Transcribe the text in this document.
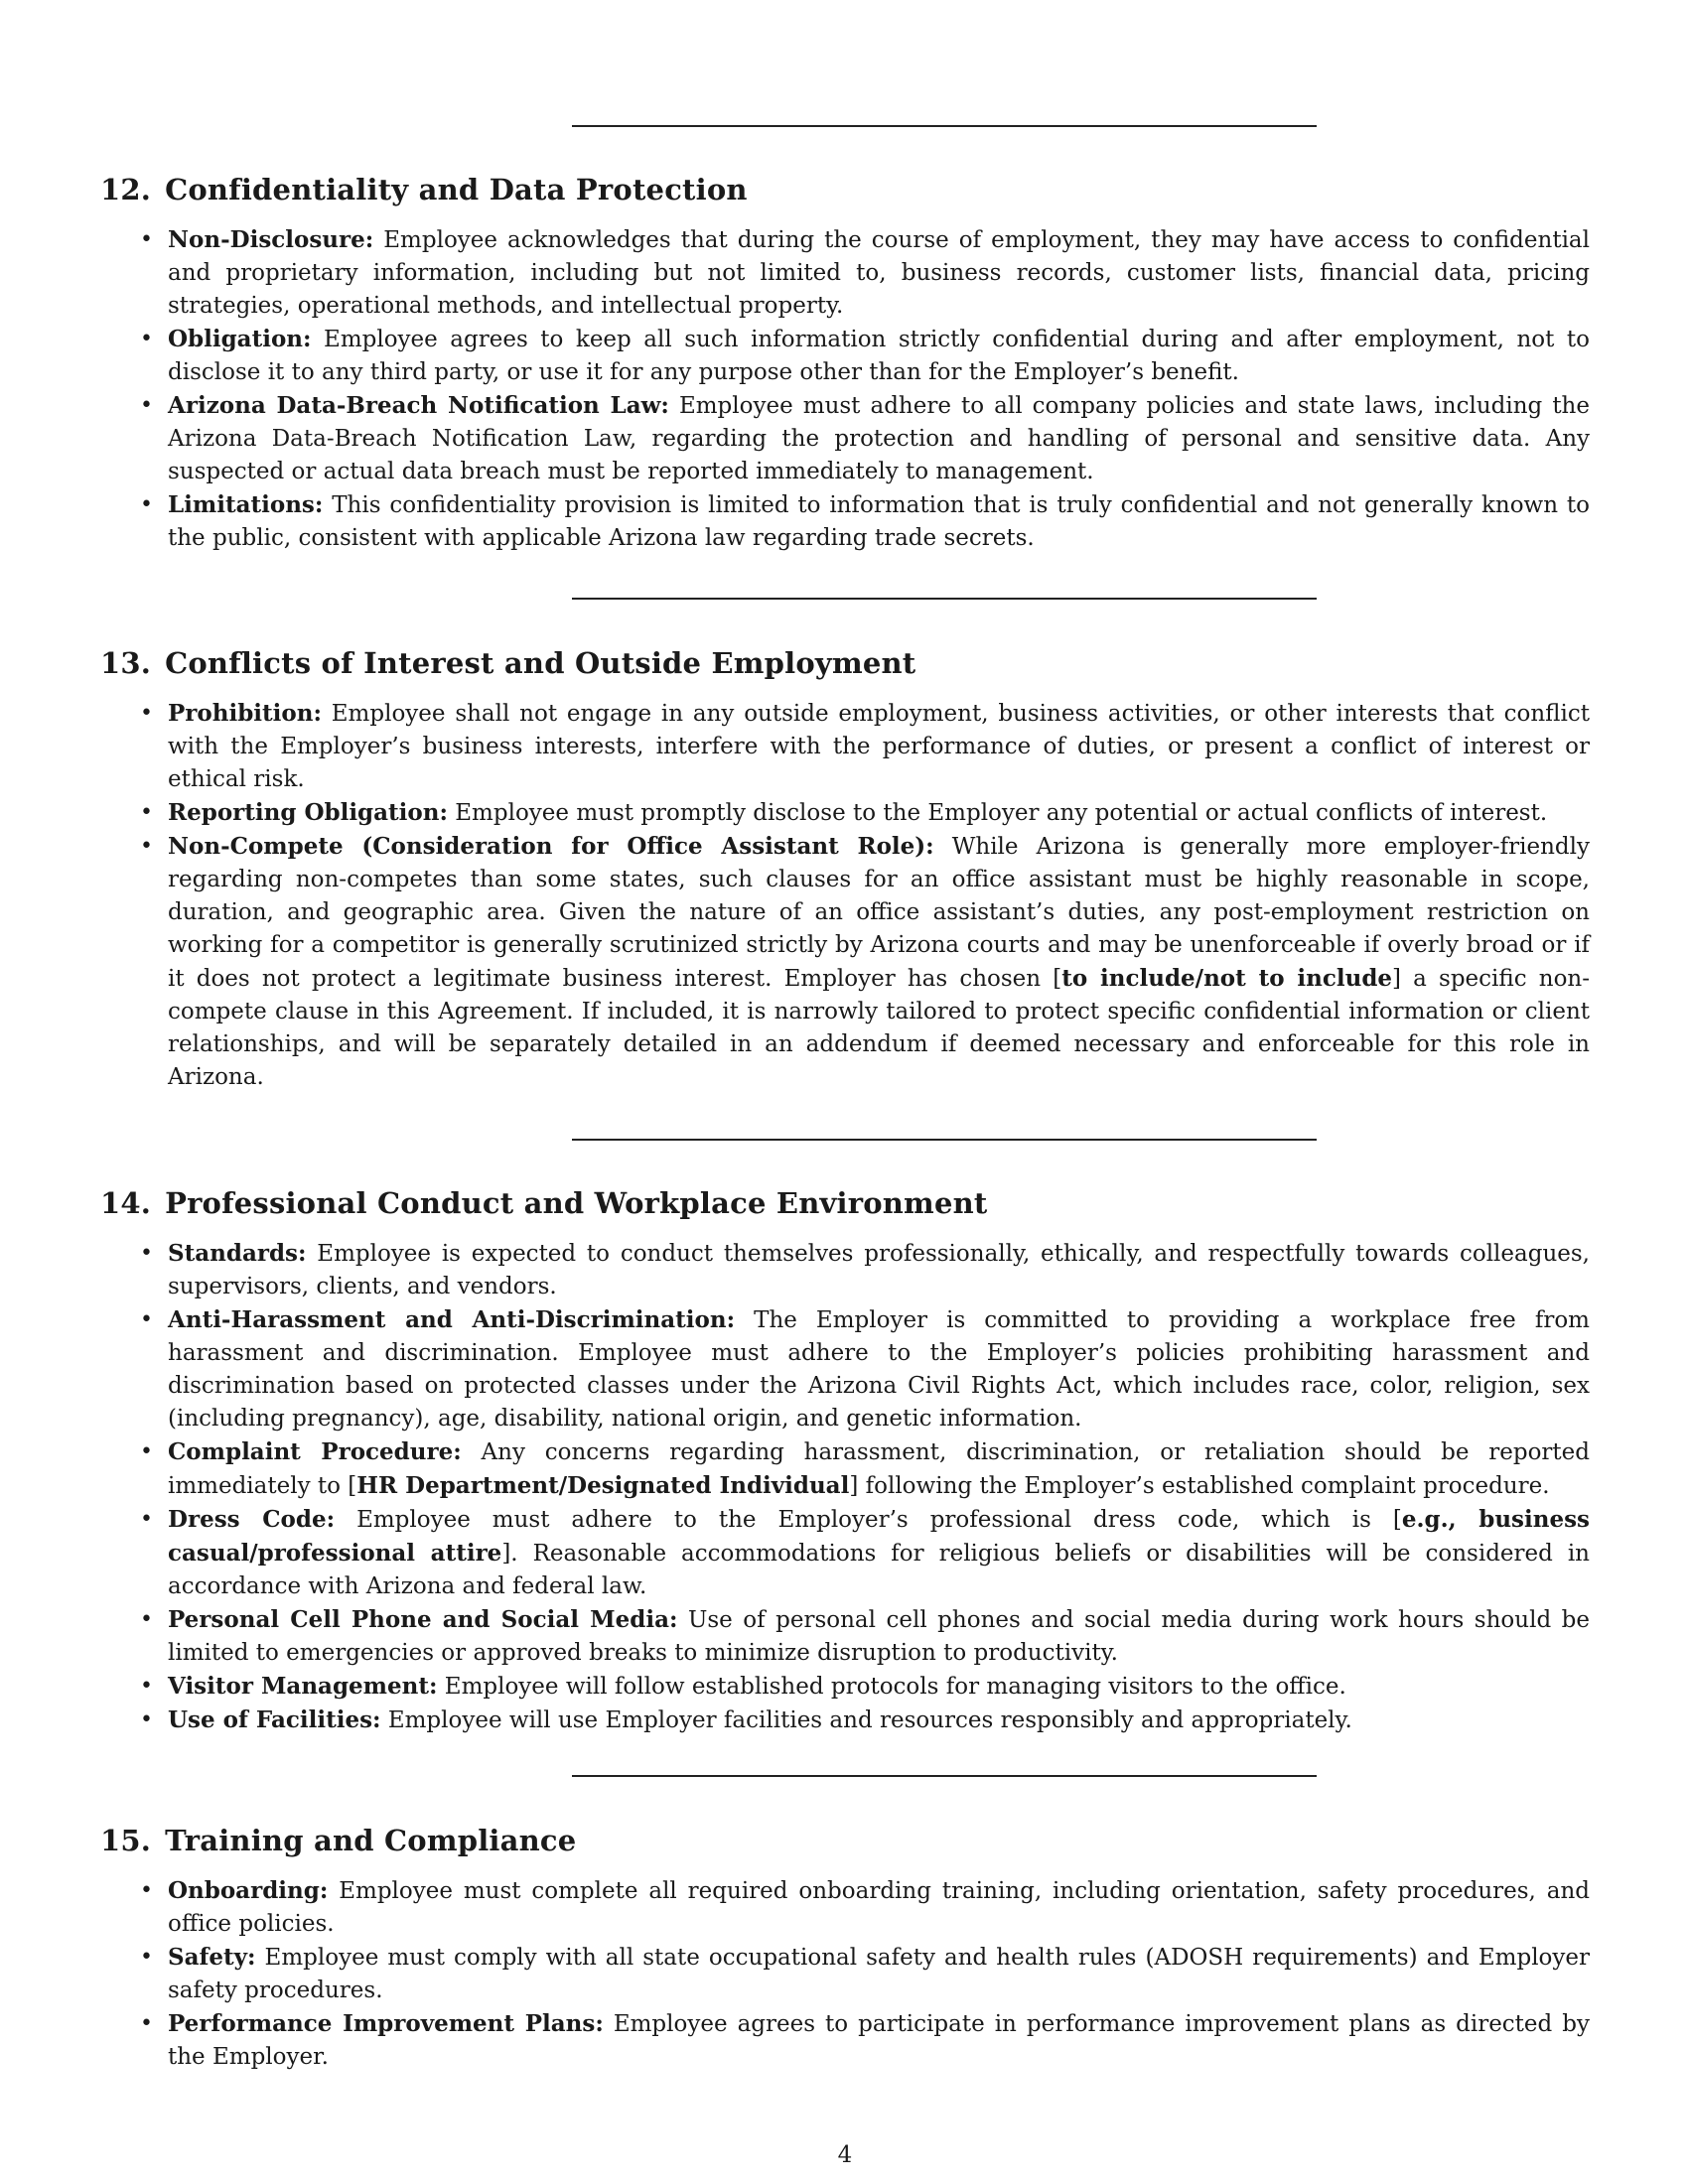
12. Confidentiality and Data Protection
• Non-Disclosure: Employee acknowledges that during the course of employment, they may have access to confidential and proprietary information, including but not limited to, business records, customer lists, financial data, pricing strategies, operational methods, and intellectual property.
• Obligation: Employee agrees to keep all such information strictly confidential during and after employment, not to disclose it to any third party, or use it for any purpose other than for the Employer’s benefit.
• Arizona Data-Breach Notification Law: Employee must adhere to all company policies and state laws, including the Arizona Data-Breach Notification Law, regarding the protection and handling of personal and sensitive data. Any suspected or actual data breach must be reported immediately to management.
• Limitations: This confidentiality provision is limited to information that is truly confidential and not generally known to the public, consistent with applicable Arizona law regarding trade secrets.
13. Conflicts of Interest and Outside Employment
• Prohibition: Employee shall not engage in any outside employment, business activities, or other interests that conflict with the Employer’s business interests, interfere with the performance of duties, or present a conflict of interest or ethical risk.
• Reporting Obligation: Employee must promptly disclose to the Employer any potential or actual conflicts of interest.
• Non-Compete (Consideration for Office Assistant Role): While Arizona is generally more employer-friendly regarding non-competes than some states, such clauses for an office assistant must be highly reasonable in scope, duration, and geographic area. Given the nature of an office assistant’s duties, any post-employment restriction on working for a competitor is generally scrutinized strictly by Arizona courts and may be unenforceable if overly broad or if it does not protect a legitimate business interest. Employer has chosen [to include/not to include] a specific non-compete clause in this Agreement. If included, it is narrowly tailored to protect specific confidential information or client relationships, and will be separately detailed in an addendum if deemed necessary and enforceable for this role in Arizona.
14. Professional Conduct and Workplace Environment
• Standards: Employee is expected to conduct themselves professionally, ethically, and respectfully towards colleagues, supervisors, clients, and vendors.
• Anti-Harassment and Anti-Discrimination: The Employer is committed to providing a workplace free from harassment and discrimination. Employee must adhere to the Employer’s policies prohibiting harassment and discrimination based on protected classes under the Arizona Civil Rights Act, which includes race, color, religion, sex (including pregnancy), age, disability, national origin, and genetic information.
• Complaint Procedure: Any concerns regarding harassment, discrimination, or retaliation should be reported immediately to [HR Department/Designated Individual] following the Employer’s established complaint procedure.
• Dress Code: Employee must adhere to the Employer’s professional dress code, which is [e.g., business casual/professional attire]. Reasonable accommodations for religious beliefs or disabilities will be considered in accordance with Arizona and federal law.
• Personal Cell Phone and Social Media: Use of personal cell phones and social media during work hours should be limited to emergencies or approved breaks to minimize disruption to productivity.
• Visitor Management: Employee will follow established protocols for managing visitors to the office.
• Use of Facilities: Employee will use Employer facilities and resources responsibly and appropriately.
15. Training and Compliance
• Onboarding: Employee must complete all required onboarding training, including orientation, safety procedures, and office policies.
• Safety: Employee must comply with all state occupational safety and health rules (ADOSH requirements) and Employer safety procedures.
• Performance Improvement Plans: Employee agrees to participate in performance improvement plans as directed by the Employer.
4
